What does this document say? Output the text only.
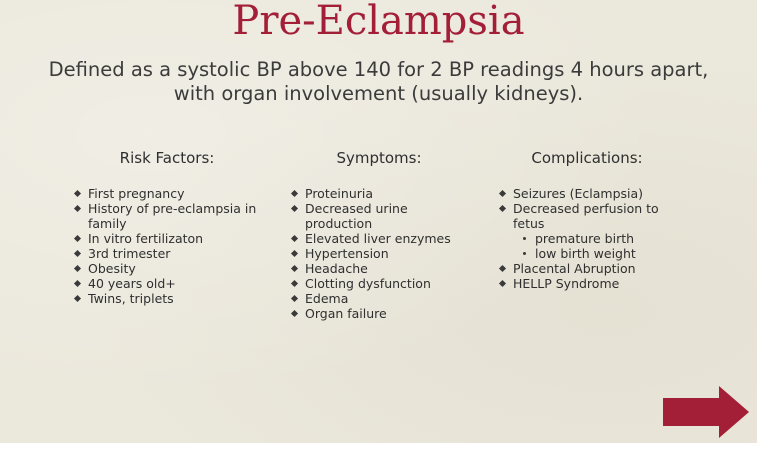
Pre-Eclampsia
Defined as a systolic BP above 140 for 2 BP readings 4 hours apart, with organ involvement (usually kidneys).
Risk Factors:
First pregnancy
History of pre-eclampsia in family
In vitro fertilizaton
3rd trimester
Obesity
40 years old+
Twins, triplets
Symptoms:
Proteinuria
Decreased urine production
Elevated liver enzymes
Hypertension
Headache
Clotting dysfunction
Edema
Organ failure
Complications:
Seizures (Eclampsia)
Decreased perfusion to fetus
premature birth
low birth weight
Placental Abruption
HELLP Syndrome
